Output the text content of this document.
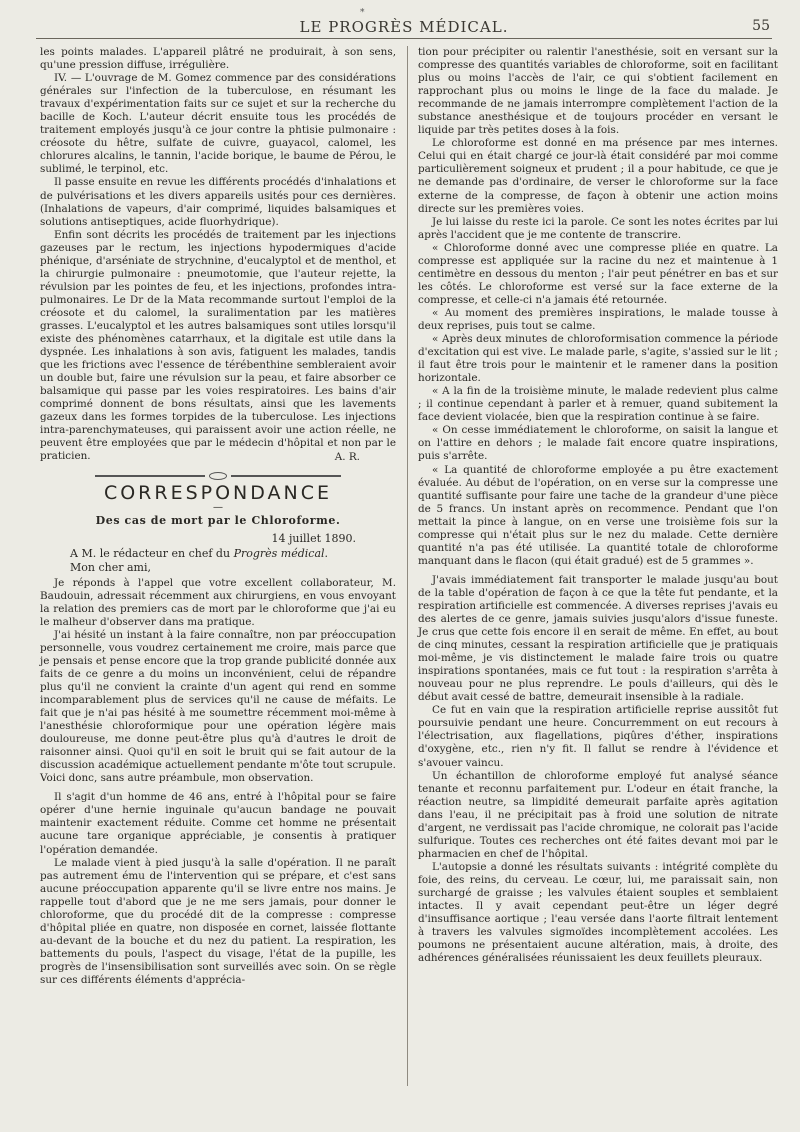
*
LE PROGRÈS MÉDICAL.	55

les points malades. L'appareil plâtré ne produirait, à son sens, qu'une pression diffuse, irrégulière.

IV. — L'ouvrage de M. Gomez commence par des considérations générales sur l'infection de la tuberculose, en résumant les travaux d'expérimentation faits sur ce sujet et sur la recherche du bacille de Koch. L'auteur décrit ensuite tous les procédés de traitement employés jusqu'à ce jour contre la phtisie pulmonaire : créosote du hêtre, sulfate de cuivre, guayacol, calomel, les chlorures alcalins, le tannin, l'acide borique, le baume de Pérou, le sublimé, le terpinol, etc.

Il passe ensuite en revue les différents procédés d'inhalations et de pulvérisations et les divers appareils usités pour ces dernières. (Inhalations de vapeurs, d'air comprimé, liquides balsamiques et solutions antiseptiques, acide fluorhydrique).

Enfin sont décrits les procédés de traitement par les injections gazeuses par le rectum, les injections hypodermiques d'acide phénique, d'arséniate de strychnine, d'eucalyptol et de menthol, et la chirurgie pulmonaire : pneumotomie, que l'auteur rejette, la révulsion par les pointes de feu, et les injections, profondes intra-pulmonaires. Le Dr de la Mata recommande surtout l'emploi de la créosote et du calomel, la suralimentation par les matières grasses. L'eucalyptol et les autres balsamiques sont utiles lorsqu'il existe des phénomènes catarrhaux, et la digitale est utile dans la dyspnée. Les inhalations à son avis, fatiguent les malades, tandis que les frictions avec l'essence de térébenthine sembleraient avoir un double but, faire une révulsion sur la peau, et faire absorber ce balsamique qui passe par les voies respiratoires. Les bains d'air comprimé donnent de bons résultats, ainsi que les lavements gazeux dans les formes torpides de la tuberculose. Les injections intra-parenchymateuses, qui paraissent avoir une action réelle, ne peuvent être employées que par le médecin d'hôpital et non par le praticien.	A. R.
CORRESPONDANCE
—
Des cas de mort par le Chloroforme.
14 juillet 1890.
A M. le rédacteur en chef du Progrès médical.
Mon cher ami,

Je réponds à l'appel que votre excellent collaborateur, M. Baudouin, adressait récemment aux chirurgiens, en vous envoyant la relation des premiers cas de mort par le chloroforme que j'ai eu le malheur d'observer dans ma pratique.

J'ai hésité un instant à la faire connaître, non par préoccupation personnelle, vous voudrez certainement me croire, mais parce que je pensais et pense encore que la trop grande publicité donnée aux faits de ce genre a du moins un inconvénient, celui de répandre plus qu'il ne convient la crainte d'un agent qui rend en somme incomparablement plus de services qu'il ne cause de méfaits. Le fait que je n'ai pas hésité à me soumettre récemment moi-même à l'anesthésie chloroformique pour une opération légère mais douloureuse, me donne peut-être plus qu'à d'autres le droit de raisonner ainsi. Quoi qu'il en soit le bruit qui se fait autour de la discussion académique actuellement pendante m'ôte tout scrupule. Voici donc, sans autre préambule, mon observation.

Il s'agit d'un homme de 46 ans, entré à l'hôpital pour se faire opérer d'une hernie inguinale qu'aucun bandage ne pouvait maintenir exactement réduite. Comme cet homme ne présentait aucune tare organique appréciable, je consentis à pratiquer l'opération demandée.

Le malade vient à pied jusqu'à la salle d'opération. Il ne paraît pas autrement ému de l'intervention qui se prépare, et c'est sans aucune préoccupation apparente qu'il se livre entre nos mains. Je rappelle tout d'abord que je ne me sers jamais, pour donner le chloroforme, que du procédé dit de la compresse : compresse d'hôpital pliée en quatre, non disposée en cornet, laissée flottante au-devant de la bouche et du nez du patient. La respiration, les battements du pouls, l'aspect du visage, l'état de la pupille, les progrès de l'insensibilisation sont surveillés avec soin. On se règle sur ces différents éléments d'apprécia-

tion pour précipiter ou ralentir l'anesthésie, soit en versant sur la compresse des quantités variables de chloroforme, soit en facilitant plus ou moins l'accès de l'air, ce qui s'obtient facilement en rapprochant plus ou moins le linge de la face du malade. Je recommande de ne jamais interrompre complètement l'action de la substance anesthésique et de toujours procéder en versant le liquide par très petites doses à la fois.

Le chloroforme est donné en ma présence par mes internes. Celui qui en était chargé ce jour-là était considéré par moi comme particulièrement soigneux et prudent ; il a pour habitude, ce que je ne demande pas d'ordinaire, de verser le chloroforme sur la face externe de la compresse, de façon à obtenir une action moins directe sur les premières voies.

Je lui laisse du reste ici la parole. Ce sont les notes écrites par lui après l'accident que je me contente de transcrire.

« Chloroforme donné avec une compresse pliée en quatre. La compresse est appliquée sur la racine du nez et maintenue à 1 centimètre en dessous du menton ; l'air peut pénétrer en bas et sur les côtés. Le chloroforme est versé sur la face externe de la compresse, et celle-ci n'a jamais été retournée.

« Au moment des premières inspirations, le malade tousse à deux reprises, puis tout se calme.

« Après deux minutes de chloroformisation commence la période d'excitation qui est vive. Le malade parle, s'agite, s'assied sur le lit ; il faut être trois pour le maintenir et le ramener dans la position horizontale.

« A la fin de la troisième minute, le malade redevient plus calme ; il continue cependant à parler et à remuer, quand subitement la face devient violacée, bien que la respiration continue à se faire.

« On cesse immédiatement le chloroforme, on saisit la langue et on l'attire en dehors ; le malade fait encore quatre inspirations, puis s'arrête.

« La quantité de chloroforme employée a pu être exactement évaluée. Au début de l'opération, on en verse sur la compresse une quantité suffisante pour faire une tache de la grandeur d'une pièce de 5 francs. Un instant après on recommence. Pendant que l'on mettait la pince à langue, on en verse une troisième fois sur la compresse qui n'était plus sur le nez du malade. Cette dernière quantité n'a pas été utilisée. La quantité totale de chloroforme manquant dans le flacon (qui était gradué) est de 5 grammes ».

J'avais immédiatement fait transporter le malade jusqu'au bout de la table d'opération de façon à ce que la tête fut pendante, et la respiration artificielle est commencée. A diverses reprises j'avais eu des alertes de ce genre, jamais suivies jusqu'alors d'issue funeste. Je crus que cette fois encore il en serait de même. En effet, au bout de cinq minutes, cessant la respiration artificielle que je pratiquais moi-même, je vis distinctement le malade faire trois ou quatre inspirations spontanées, mais ce fut tout : la respiration s'arrêta à nouveau pour ne plus reprendre. Le pouls d'ailleurs, qui dès le début avait cessé de battre, demeurait insensible à la radiale.

Ce fut en vain que la respiration artificielle reprise aussitôt fut poursuivie pendant une heure. Concurremment on eut recours à l'électrisation, aux flagellations, piqûres d'éther, inspirations d'oxygène, etc., rien n'y fit. Il fallut se rendre à l'évidence et s'avouer vaincu.

Un échantillon de chloroforme employé fut analysé séance tenante et reconnu parfaitement pur. L'odeur en était franche, la réaction neutre, sa limpidité demeurait parfaite après agitation dans l'eau, il ne précipitait pas à froid une solution de nitrate d'argent, ne verdissait pas l'acide chromique, ne colorait pas l'acide sulfurique. Toutes ces recherches ont été faites devant moi par le pharmacien en chef de l'hôpital.

L'autopsie a donné les résultats suivants : intégrité complète du foie, des reins, du cerveau. Le cœur, lui, me paraissait sain, non surchargé de graisse ; les valvules étaient souples et semblaient intactes. Il y avait cependant peut-être un léger degré d'insuffisance aortique ; l'eau versée dans l'aorte filtrait lentement à travers les valvules sigmoïdes incomplètement accolées. Les poumons ne présentaient aucune altération, mais, à droite, des adhérences généralisées réunissaient les deux feuillets pleuraux.
